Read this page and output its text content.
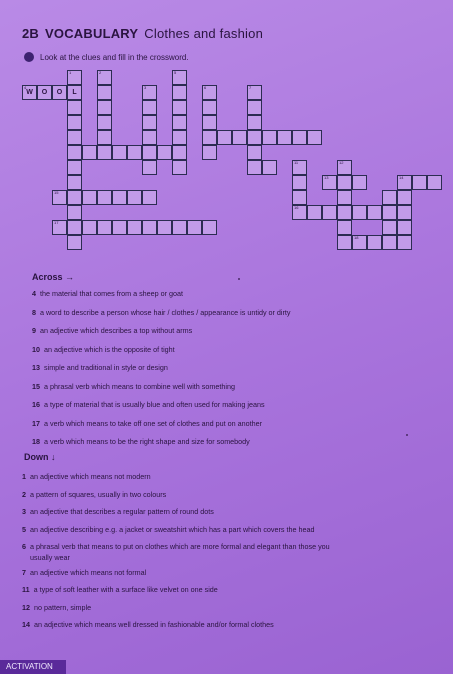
2B VOCABULARY Clothes and fashion
Look at the clues and fill in the crossword.
4
W	O	O	L
1	2
3
5
6	7
11	12
13	14
15
16
17
18
Across →
4 the material that comes from a sheep or goat
8 a word to describe a person whose hair / clothes / appearance is untidy or dirty
9 an adjective which describes a top without arms
10 an adjective which is the opposite of tight
13 simple and traditional in style or design
15 a phrasal verb which means to combine well with something
16 a type of material that is usually blue and often used for making jeans
17 a verb which means to take off one set of clothes and put on another
18 a verb which means to be the right shape and size for somebody
Down ↓
1 an adjective which means not modern
2 a pattern of squares, usually in two colours
3 an adjective that describes a regular pattern of round dots
5 an adjective describing e.g. a jacket or sweatshirt which has a part which covers the head
6 a phrasal verb that means to put on clothes which are more formal and elegant than those you
usually wear
7 an adjective which means not formal
11 a type of soft leather with a surface like velvet on one side
12 no pattern, simple
14 an adjective which means well dressed in fashionable and/or formal clothes
ACTIVATION
